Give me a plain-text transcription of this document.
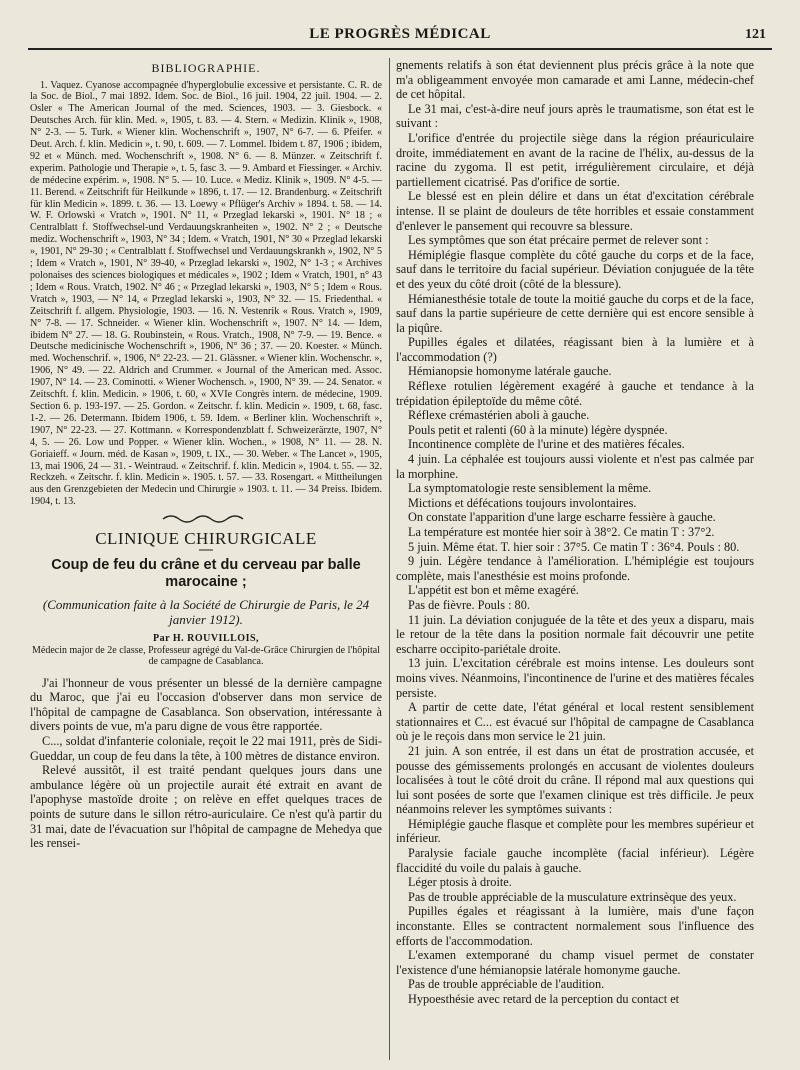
LE PROGRÈS MÉDICAL	121
BIBLIOGRAPHIE.

1. Vaquez. Cyanose accompagnée d'hyperglobulie excessive et persistante. C. R. de la Soc. de Biol., 7 mai 1892. Idem. Soc. de Biol., 16 juil. 1904, 22 juil. 1904. — 2. Osler « The American Journal of the med. Sciences, 1903. — 3. Giesbock. « Deutsches Arch. für klin. Med. », 1905, t. 83. — 4. Stern. « Medizin. Klinik », 1908, N° 2-3. — 5. Turk. « Wiener klin. Wochenschrift », 1907, N° 6-7. — 6. Pfeifer. « Deut. Arch. f. klin. Medicin », t. 90, t. 609. — 7. Lommel. Ibidem t. 87, 1906 ; ibidem, 92 et « Münch. med. Wochenschrift », 1908. N° 6. — 8. Münzer. « Zeitschrift f. experim. Pathologie und Therapie », t. 5, fasc 3. — 9. Ambard et Fiessinger. « Archiv. de médecine expérim. », 1908. N° 5. — 10. Luce. « Mediz. Klinik », 1909. N° 4-5. — 11. Berend. « Zeitschrift für Heilkunde » 1896, t. 17. — 12. Brandenburg. « Zeitschrift für klin Medicin ». 1899. t. 36. — 13. Loewy « Pflüger's Archiv » 1894. t. 58. — 14. W. F. Orlowski « Vratch », 1901. N° 11, « Przeglad lekarski », 1901. N° 18 ; « Centralblatt f. Stoffwechsel-und Verdauungskranheiten », 1902. N° 2 ; « Deutsche mediz. Wochenschrift », 1903, N° 34 ; Idem. « Vratch, 1901, N° 30 « Przeglad lekarski », 1901, N° 29-30 ; « Centralblatt f. Stoffwechsel und Verdauungskrankh », 1902, N° 5 ; Idem « Vratch », 1901, N° 39-40, « Przeglad lekarski », 1902, N° 1-3 ; « Archives polonaises des sciences biologiques et médicales », 1902 ; Idem « Vratch, 1901, n° 43 ; Idem « Rous. Vratch, 1902. N° 46 ; « Przeglad lekarski », 1903, N° 5 ; Idem « Rous. Vratch », 1903, — N° 14, « Przeglad lekarski », 1903, N° 32. — 15. Friedenthal. « Zeitschrift f. allgem. Physiologie, 1903. — 16. N. Vestenrik « Rous. Vratch », 1909, N° 7-8. — 17. Schneider. « Wiener klin. Wochenschrift », 1907. N° 14. — Idem, ibidem N° 27. — 18. G. Roubinstein, « Rous. Vratch., 1908, N° 7-9. — 19. Bence. « Deutsche medicinische Wochenschrift », 1906, N° 36 ; 37. — 20. Koester. « Münch. med. Wochenschrif. », 1906, N° 22-23. — 21. Glässner. « Wiener klin. Wochenschr. », 1906, N° 49. — 22. Aldrich and Crummer. « Journal of the American med. Assoc. 1907, N° 14. — 23. Cominotti. « Wiener Wochensch. », 1900, N° 39. — 24. Senator. « Zeitschft. f. klin. Medicin. » 1906, t. 60, « XVIe Congrès intern. de médecine, 1909. Section 6. p. 193-197. — 25. Gordon. « Zeitschr. f. klin. Medicin ». 1909, t. 68, fasc. 1-2. — 26. Determann. Ibidem 1906, t. 59. Idem. « Berliner klin. Wochenschrift », 1907, N° 22-23. — 27. Kottmann. « Korrespondenzblatt f. Schweizerärzte, 1907, N° 4, 5. — 26. Low und Popper. « Wiener klin. Wochen., » 1908, N° 11. — 28. N. Goriaieff. « Journ. méd. de Kasan », 1909, t. IX., — 30. Weber. « The Lancet », 1905, 13, mai 1906, 24 — 31. - Weintraud. « Zeitschrif. f. klin. Medicin », 1904. t. 55. — 32. Reckzeh. « Zeitschr. f. klin. Medicin ». 1905. t. 57. — 33. Rosengart. « Mittheilungen aus den Grenzgebieten der Medecin und Chirurgie » 1903. t. 11. — 34 Preiss. Ibidem. 1904, t. 13.

CLINIQUE CHIRURGICALE
Coup de feu du crâne et du cerveau par balle marocaine ;
(Communication faite à la Société de Chirurgie de Paris, le 24 janvier 1912).
Par H. ROUVILLOIS,
Médecin major de 2e classe, Professeur agrégé du Val-de-Grâce Chirurgien de l'hôpital de campagne de Casablanca.

J'ai l'honneur de vous présenter un blessé de la dernière campagne du Maroc, que j'ai eu l'occasion d'observer dans mon service de l'hôpital de campagne de Casablanca. Son observation, intéressante à divers points de vue, m'a paru digne de vous être rapportée.

C..., soldat d'infanterie coloniale, reçoit le 22 mai 1911, près de Sidi-Gueddar, un coup de feu dans la tête, à 100 mètres de distance environ.

Relevé aussitôt, il est traité pendant quelques jours dans une ambulance légère où un projectile aurait été extrait en avant de l'apophyse mastoïde droite ; on relève en effet quelques traces de points de suture dans le sillon rétro-auriculaire. Ce n'est qu'à partir du 31 mai, date de l'évacuation sur l'hôpital de campagne de Mehedya que les rensei-

gnements relatifs à son état deviennent plus précis grâce à la note que m'a obligeamment envoyée mon camarade et ami Lanne, médecin-chef de cet hôpital.

Le 31 mai, c'est-à-dire neuf jours après le traumatisme, son état est le suivant :

L'orifice d'entrée du projectile siège dans la région préauriculaire droite, immédiatement en avant de la racine de l'hélix, au-dessus de la racine du zygoma. Il est petit, irrégulièrement circulaire, et déjà partiellement cicatrisé. Pas d'orifice de sortie.

Le blessé est en plein délire et dans un état d'excitation cérébrale intense. Il se plaint de douleurs de tête horribles et essaie constamment d'enlever le pansement qui recouvre sa blessure.

Les symptômes que son état précaire permet de relever sont :

Hémiplégie flasque complète du côté gauche du corps et de la face, sauf dans le territoire du facial supérieur. Déviation conjuguée de la tête et des yeux du côté droit (côté de la blessure).

Hémianesthésie totale de toute la moitié gauche du corps et de la face, sauf dans la partie supérieure de cette dernière qui est encore sensible à la piqûre.

Pupilles égales et dilatées, réagissant bien à la lumière et à l'accommodation (?)

Hémianopsie homonyme latérale gauche.

Réflexe rotulien légèrement exagéré à gauche et tendance à la trépidation épileptoïde du même côté.

Réflexe crémastérien aboli à gauche.

Pouls petit et ralenti (60 à la minute) légère dyspnée.

Incontinence complète de l'urine et des matières fécales.

4 juin. La céphalée est toujours aussi violente et n'est pas calmée par la morphine.

La symptomatologie reste sensiblement la même.

Mictions et défécations toujours involontaires.

On constate l'apparition d'une large escharre fessière à gauche.

La température est montée hier soir à 38°2. Ce matin T : 37°2.

5 juin. Même état. T. hier soir : 37°5. Ce matin T : 36°4. Pouls : 80.

9 juin. Légère tendance à l'amélioration. L'hémiplégie est toujours complète, mais l'anesthésie est moins profonde.

L'appétit est bon et même exagéré.

Pas de fièvre. Pouls : 80.

11 juin. La déviation conjuguée de la tête et des yeux a disparu, mais le retour de la tête dans la position normale fait découvrir une petite escharre occipito-pariétale droite.

13 juin. L'excitation cérébrale est moins intense. Les douleurs sont moins vives. Néanmoins, l'incontinence de l'urine et des matières fécales persiste.

A partir de cette date, l'état général et local restent sensiblement stationnaires et C... est évacué sur l'hôpital de campagne de Casablanca où je le reçois dans mon service le 21 juin.

21 juin. A son entrée, il est dans un état de prostration accusée, et pousse des gémissements prolongés en accusant de violentes douleurs localisées à tout le côté droit du crâne. Il répond mal aux questions qui lui sont posées de sorte que l'examen clinique est très difficile. Je peux néanmoins relever les symptômes suivants :

Hémiplégie gauche flasque et complète pour les membres supérieur et inférieur.

Paralysie faciale gauche incomplète (facial inférieur). Légère flaccidité du voile du palais à gauche.

Léger ptosis à droite.

Pas de trouble appréciable de la musculature extrinsèque des yeux.

Pupilles égales et réagissant à la lumière, mais d'une façon inconstante. Elles se contractent normalement sous l'influence des efforts de l'accommodation.

L'examen extemporané du champ visuel permet de constater l'existence d'une hémianopsie latérale homonyme gauche.

Pas de trouble appréciable de l'audition.

Hypoesthésie avec retard de la perception du contact et
